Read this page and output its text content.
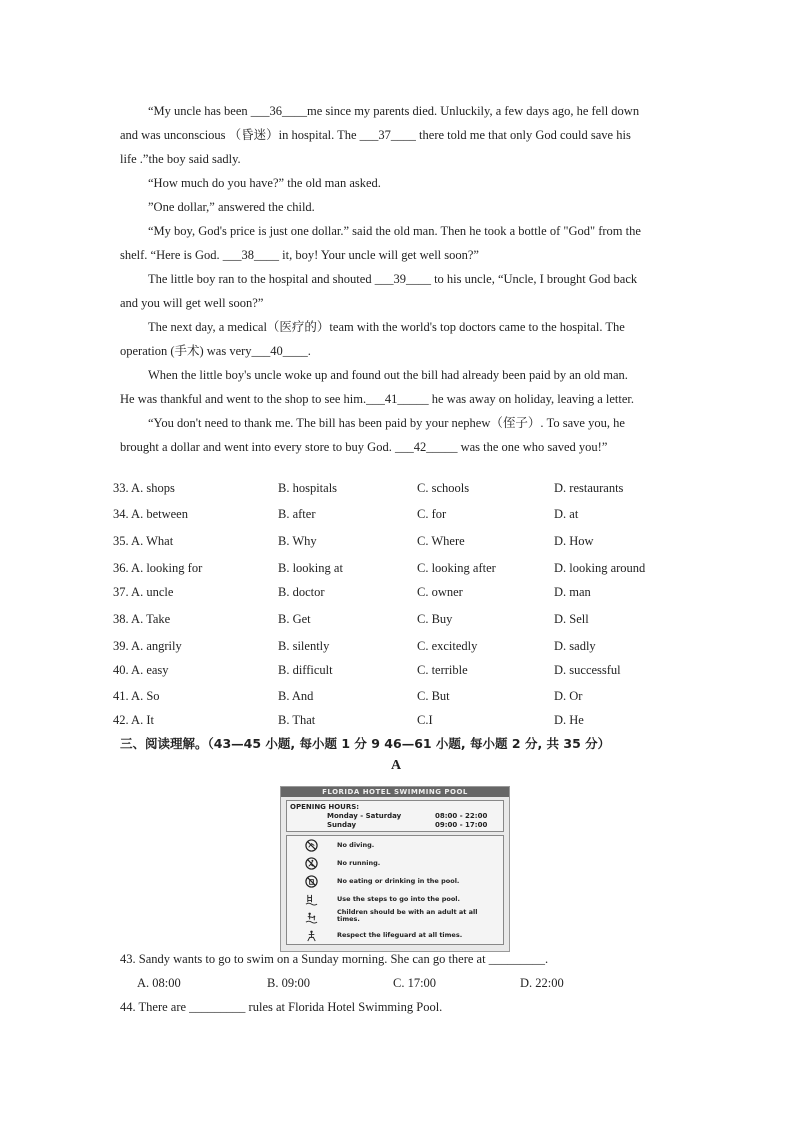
“My uncle has been ___36____me since my parents died. Unluckily, a few days ago, he fell down
and was unconscious （昏迷）in hospital. The ___37____ there told me that only God could save his
life .”the boy said sadly.
“How much do you have?” the old man asked.
”One dollar,” answered the child.
“My boy, God's price is just one dollar.” said the old man. Then he took a bottle of "God" from the
shelf. “Here is God. ___38____ it, boy! Your uncle will get well soon?”
The little boy ran to the hospital and shouted ___39____ to his uncle, “Uncle, I brought God back
and you will get well soon?”
The next day, a medical（医疗的）team with the world's top doctors came to the hospital. The
operation (手术) was very___40____.
When the little boy's uncle woke up and found out the bill had already been paid by an old man.
He was thankful and went to the shop to see him.___41_____ he was away on holiday, leaving a letter.
“You don't need to thank me. The bill has been paid by your nephew（侄子）. To save you, he
brought a dollar and went into every store to buy God. ___42_____ was the one who saved you!”
33. A. shops	B. hospitals	C. schools	D. restaurants
34. A. between	B. after	C. for	D. at
35. A. What	B. Why	C. Where	D. How
36. A. looking for	B. looking at	C. looking after	D. looking around
37. A. uncle	B. doctor	C. owner	D. man
38. A. Take	B. Get	C. Buy	D. Sell
39. A. angrily	B. silently	C. excitedly	D. sadly
40. A. easy	B. difficult	C. terrible	D. successful
41. A. So	B. And	C. But	D. Or
42. A. It	B. That	C.I	D. He
三、阅读理解。（43—45 小题, 每小题 1 分 9 46—61 小题, 每小题 2 分, 共 35 分）
A
FLORIDA HOTEL SWIMMING POOL
OPENING HOURS:
Monday - Saturday	08:00 - 22:00
Sunday	09:00 - 17:00
No diving.
No running.
No eating or drinking in the pool.
Use the steps to go into the pool.
Children should be with an adult at all times.
Respect the lifeguard at all times.
43. Sandy wants to go to swim on a Sunday morning. She can go there at _________.
A. 08:00	B. 09:00	C. 17:00	D. 22:00
44. There are _________ rules at Florida Hotel Swimming Pool.
